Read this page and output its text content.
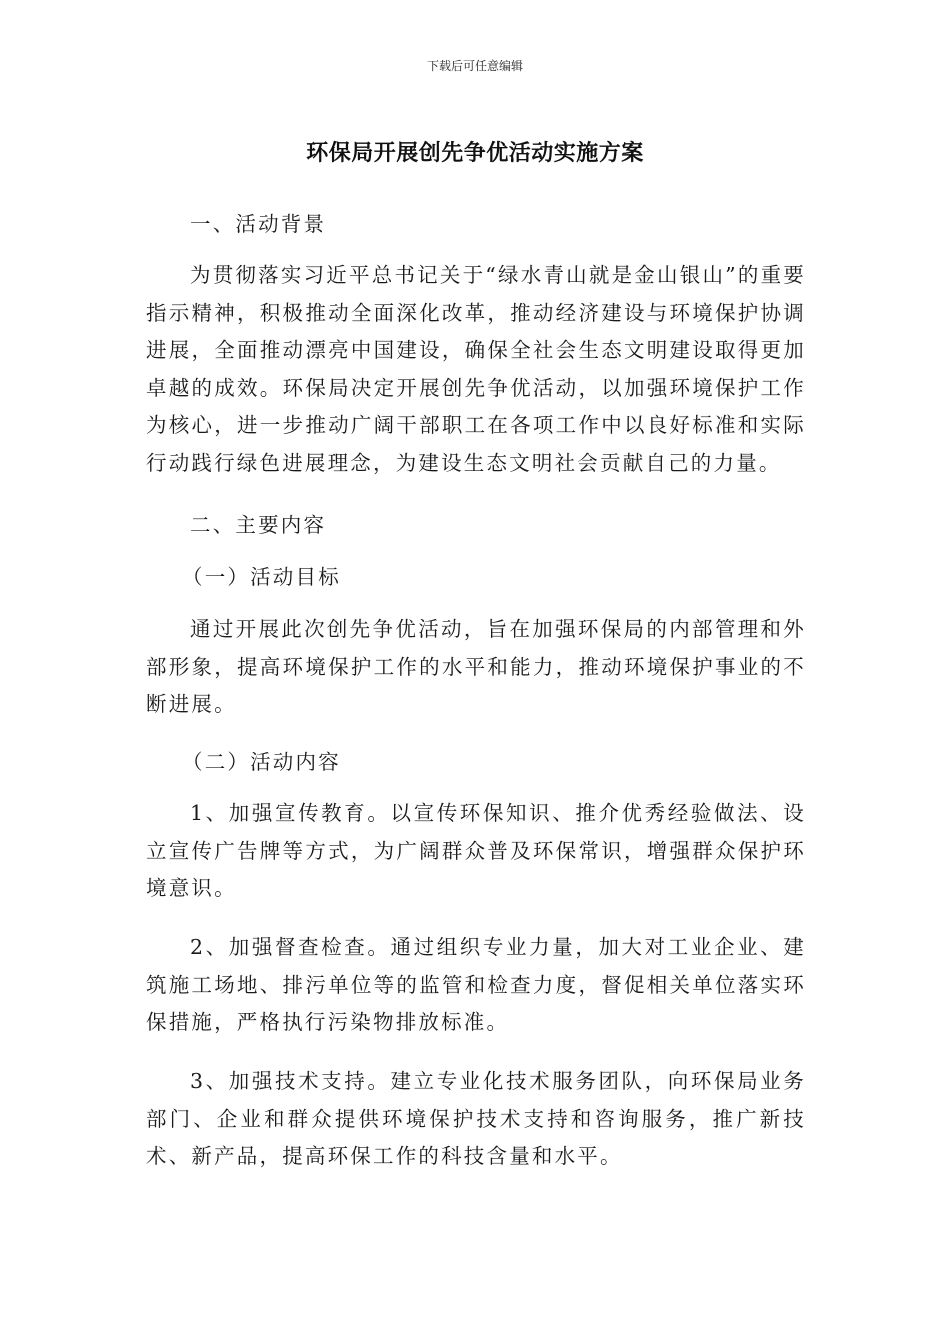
下载后可任意编辑
环保局开展创先争优活动实施方案
一、活动背景

为贯彻落实习近平总书记关于“绿水青山就是金山银山”的重要指示精神，积极推动全面深化改革，推动经济建设与环境保护协调进展，全面推动漂亮中国建设，确保全社会生态文明建设取得更加卓越的成效。环保局决定开展创先争优活动，以加强环境保护工作为核心，进一步推动广阔干部职工在各项工作中以良好标准和实际行动践行绿色进展理念，为建设生态文明社会贡献自己的力量。

二、主要内容
（一）活动目标

通过开展此次创先争优活动，旨在加强环保局的内部管理和外部形象，提高环境保护工作的水平和能力，推动环境保护事业的不断进展。

（二）活动内容

1、加强宣传教育。以宣传环保知识、推介优秀经验做法、设立宣传广告牌等方式，为广阔群众普及环保常识，增强群众保护环境意识。

2、加强督查检查。通过组织专业力量，加大对工业企业、建筑施工场地、排污单位等的监管和检查力度，督促相关单位落实环保措施，严格执行污染物排放标准。

3、加强技术支持。建立专业化技术服务团队，向环保局业务部门、企业和群众提供环境保护技术支持和咨询服务，推广新技术、新产品，提高环保工作的科技含量和水平。
